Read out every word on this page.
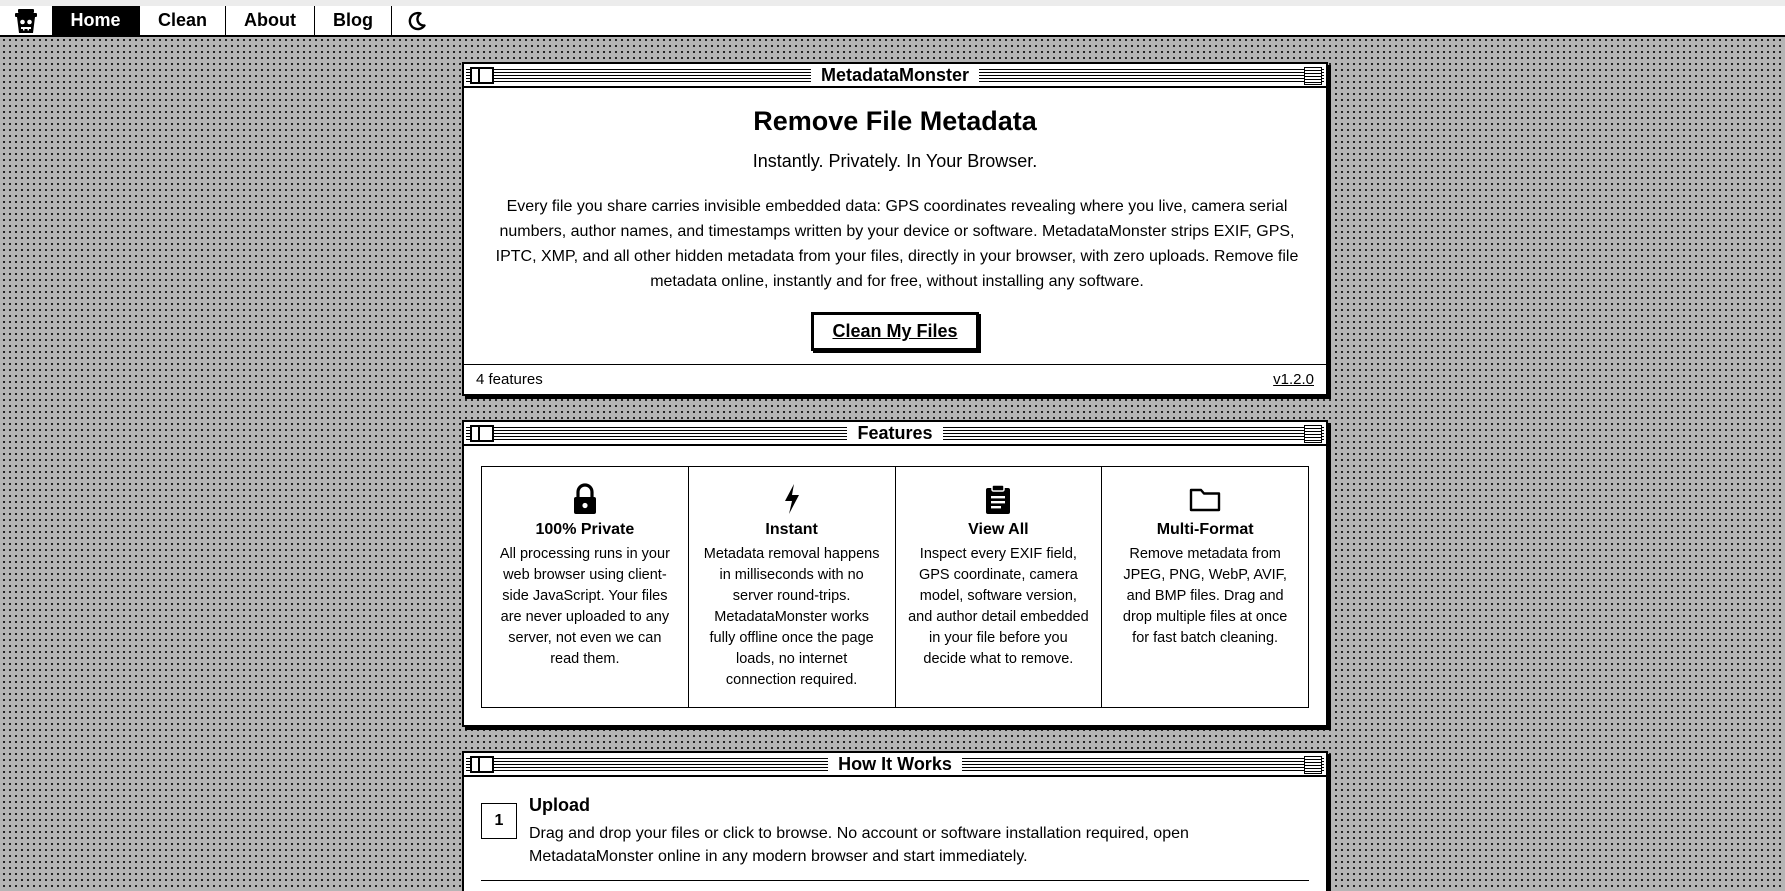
Home	Clean	About	Blog
MetadataMonster
Remove File Metadata
Instantly. Privately. In Your Browser.

Every file you share carries invisible embedded data: GPS coordinates revealing where you live, camera serial numbers, author names, and timestamps written by your device or software. MetadataMonster strips EXIF, GPS, IPTC, XMP, and all other hidden metadata from your files, directly in your browser, with zero uploads. Remove file metadata online, instantly and for free, without installing any software.

Clean My Files
4 features	v1.2.0
Features
100% Private

All processing runs in your web browser using client-side JavaScript. Your files are never uploaded to any server, not even we can read them.

Instant

Metadata removal happens in milliseconds with no server round-trips. MetadataMonster works fully offline once the page loads, no internet connection required.

View All

Inspect every EXIF field, GPS coordinate, camera model, software version, and author detail embedded in your file before you decide what to remove.

Multi-Format

Remove metadata from JPEG, PNG, WebP, AVIF, and BMP files. Drag and drop multiple files at once for fast batch cleaning.

How It Works
1
Upload

Drag and drop your files or click to browse. No account or software installation required, open MetadataMonster online in any modern browser and start immediately.
